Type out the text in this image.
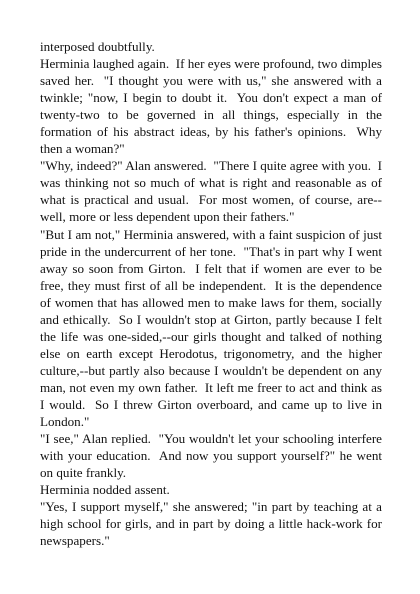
interposed doubtfully.

Herminia laughed again.  If her eyes were profound, two dimples saved her.  "I thought you were with us," she answered with a twinkle; "now, I begin to doubt it.  You don't expect a man of twenty-two to be governed in all things, especially in the formation of his abstract ideas, by his father's opinions.  Why then a woman?"

"Why, indeed?" Alan answered.  "There I quite agree with you.  I was thinking not so much of what is right and reasonable as of what is practical and usual.  For most women, of course, are--well, more or less dependent upon their fathers."

"But I am not," Herminia answered, with a faint suspicion of just pride in the undercurrent of her tone.  "That's in part why I went away so soon from Girton.  I felt that if women are ever to be free, they must first of all be independent.  It is the dependence of women that has allowed men to make laws for them, socially and ethically.  So I wouldn't stop at Girton, partly because I felt the life was one-sided,--our girls thought and talked of nothing else on earth except Herodotus, trigonometry, and the higher culture,--but partly also because I wouldn't be dependent on any man, not even my own father.  It left me freer to act and think as I would.  So I threw Girton overboard, and came up to live in London."

"I see," Alan replied.  "You wouldn't let your schooling interfere with your education.  And now you support yourself?" he went on quite frankly.

Herminia nodded assent.

"Yes, I support myself," she answered; "in part by teaching at a high school for girls, and in part by doing a little hack-work for newspapers."
